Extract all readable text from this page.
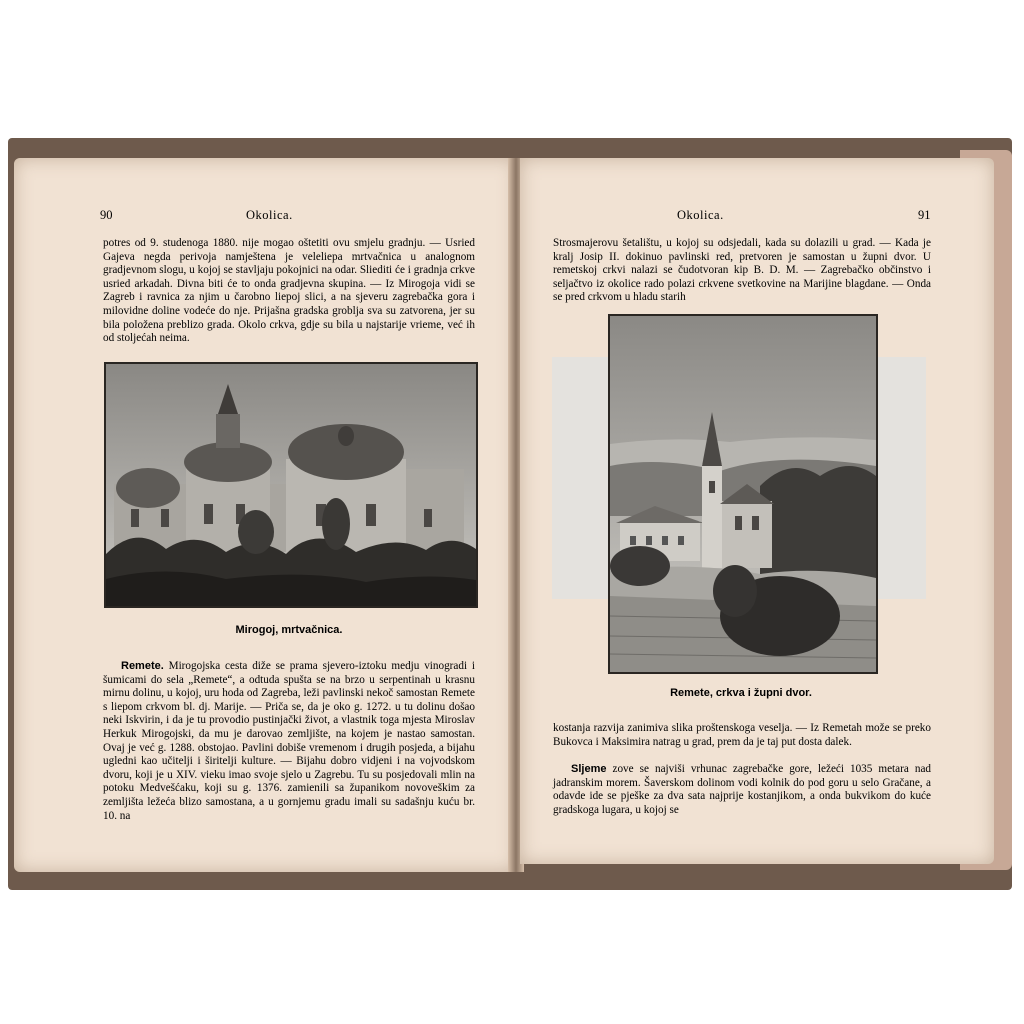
90	Okolica.

potres od 9. studenoga 1880. nije mogao oštetiti ovu smjelu gradnju. — Usried Gajeva negda perivoja namještena je veleliepa mrtvačnica u analognom gradjevnom slogu, u kojoj se stavljaju pokojnici na odar. Sliediti će i gradnja crkve usried arkadah. Divna biti će to onda gradjevna skupina. — Iz Mirogoja vidi se Zagreb i ravnica za njim u čarobno liepoj slici, a na sjeveru zagrebačka gora i milovidne doline vodeće do nje. Prijašna gradska groblja sva su zatvorena, jer su bila položena preblizo grada. Okolo crkva, gdje su bila u najstarije vrieme, već ih od stoljećah neima.

Mirogoj, mrtvačnica.

Remete. Mirogojska cesta diže se prama sjevero-iztoku medju vinogradi i šumicami do sela „Remete“, a odtuda spušta se na brzo u serpentinah u krasnu mirnu dolinu, u kojoj, uru hoda od Zagreba, leži pavlinski nekoč samostan Remete s liepom crkvom bl. dj. Marije. — Priča se, da je oko g. 1272. u tu dolinu došao neki Iskvirin, i da je tu provodio pustinjački život, a vlastnik toga mjesta Miroslav Herkuk Mirogojski, da mu je darovao zemljište, na kojem je nastao samostan. Ovaj je već g. 1288. obstojao. Pavlini dobiše vremenom i drugih posjeda, a bijahu ugledni kao učitelji i širitelji kulture. — Bijahu dobro vidjeni i na vojvodskom dvoru, koji je u XIV. vieku imao svoje sjelo u Zagrebu. Tu su posjedovali mlin na potoku Medvešćaku, koji su g. 1376. zamienili sa županikom novoveškim za zemljišta ležeća blizo samostana, a u gornjemu gradu imali su sadašnju kuću br. 10. na

Okolica.	91

Strosmajerovu šetalištu, u kojoj su odsjedali, kada su dolazili u grad. — Kada je kralj Josip II. dokinuo pavlinski red, pretvoren je samostan u župni dvor. U remetskoj crkvi nalazi se čudotvoran kip B. D. M. — Zagrebačko občinstvo i seljačtvo iz okolice rado polazi crkvene svetkovine na Marijine blagdane. — Onda se pred crkvom u hladu starih

Remete, crkva i župni dvor.

kostanja razvija zanimiva slika proštenskoga veselja. — Iz Remetah može se preko Bukovca i Maksimira natrag u grad, prem da je taj put dosta dalek.

Sljeme zove se najviši vrhunac zagrebačke gore, ležeći 1035 metara nad jadranskim morem. Šaverskom dolinom vodi kolnik do pod goru u selo Gračane, a odavde ide se pješke za dva sata najprije kostanjikom, a onda bukvikom do kuće gradskoga lugara, u kojoj se
